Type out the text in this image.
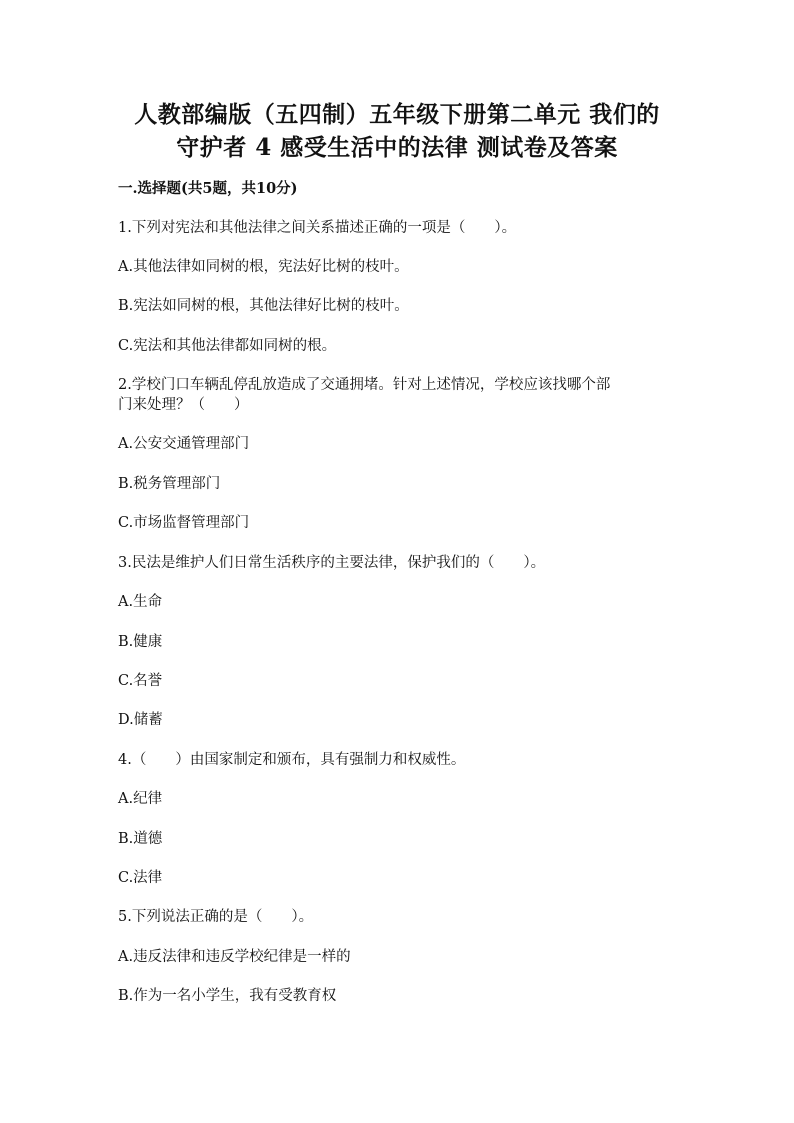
人教部编版（五四制）五年级下册第二单元 我们的
守护者 4 感受生活中的法律 测试卷及答案
一.选择题(共5题，共10分)
1.下列对宪法和其他法律之间关系描述正确的一项是（　　）。
A.其他法律如同树的根，宪法好比树的枝叶。
B.宪法如同树的根，其他法律好比树的枝叶。
C.宪法和其他法律都如同树的根。
2.学校门口车辆乱停乱放造成了交通拥堵。针对上述情况，学校应该找哪个部
门来处理？（　　）
A.公安交通管理部门
B.税务管理部门
C.市场监督管理部门
3.民法是维护人们日常生活秩序的主要法律，保护我们的（　　）。
A.生命
B.健康
C.名誉
D.储蓄
4.（　　）由国家制定和颁布，具有强制力和权威性。
A.纪律
B.道德
C.法律
5.下列说法正确的是（　　）。
A.违反法律和违反学校纪律是一样的
B.作为一名小学生，我有受教育权
